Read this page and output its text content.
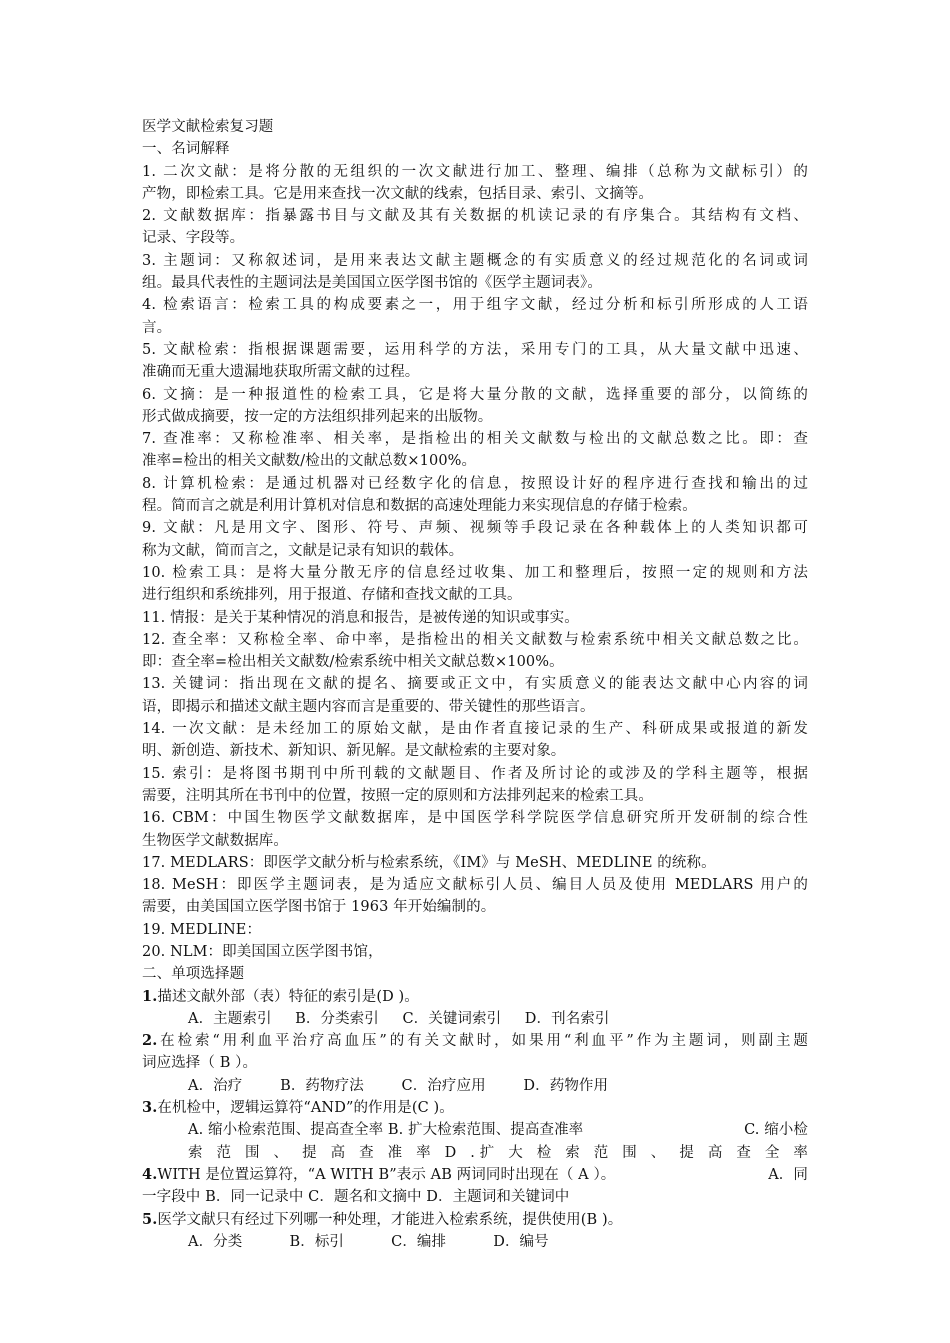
医学文献检索复习题
一、名词解释
1. 二次文献：是将分散的无组织的一次文献进行加工、整理、编排（总称为文献标引）的
产物，即检索工具。它是用来查找一次文献的线索，包括目录、索引、文摘等。
2. 文献数据库：指暴露书目与文献及其有关数据的机读记录的有序集合。其结构有文档、
记录、字段等。
3. 主题词：又称叙述词，是用来表达文献主题概念的有实质意义的经过规范化的名词或词
组。最具代表性的主题词法是美国国立医学图书馆的《医学主题词表》。
4. 检索语言：检索工具的构成要素之一，用于组字文献，经过分析和标引所形成的人工语
言。
5. 文献检索：指根据课题需要，运用科学的方法，采用专门的工具，从大量文献中迅速、
准确而无重大遗漏地获取所需文献的过程。
6. 文摘：是一种报道性的检索工具，它是将大量分散的文献，选择重要的部分，以简练的
形式做成摘要，按一定的方法组织排列起来的出版物。
7. 查准率：又称检准率、相关率，是指检出的相关文献数与检出的文献总数之比。即：查
准率=检出的相关文献数/检出的文献总数×100%。
8. 计算机检索：是通过机器对已经数字化的信息，按照设计好的程序进行查找和输出的过
程。简而言之就是利用计算机对信息和数据的高速处理能力来实现信息的存储于检索。
9. 文献：凡是用文字、图形、符号、声频、视频等手段记录在各种载体上的人类知识都可
称为文献，简而言之，文献是记录有知识的载体。
10. 检索工具：是将大量分散无序的信息经过收集、加工和整理后，按照一定的规则和方法
进行组织和系统排列，用于报道、存储和查找文献的工具。
11. 情报：是关于某种情况的消息和报告，是被传递的知识或事实。
12. 查全率：又称检全率、命中率，是指检出的相关文献数与检索系统中相关文献总数之比。
即：查全率=检出相关文献数/检索系统中相关文献总数×100%。
13. 关键词：指出现在文献的提名、摘要或正文中，有实质意义的能表达文献中心内容的词
语，即揭示和描述文献主题内容而言是重要的、带关键性的那些语言。
14. 一次文献：是未经加工的原始文献，是由作者直接记录的生产、科研成果或报道的新发
明、新创造、新技术、新知识、新见解。是文献检索的主要对象。
15. 索引：是将图书期刊中所刊载的文献题目、作者及所讨论的或涉及的学科主题等，根据
需要，注明其所在书刊中的位置，按照一定的原则和方法排列起来的检索工具。
16. CBM：中国生物医学文献数据库，是中国医学科学院医学信息研究所开发研制的综合性
生物医学文献数据库。
17. MEDLARS：即医学文献分析与检索系统，《IM》与 MeSH、MEDLINE 的统称。
18. MeSH：即医学主题词表，是为适应文献标引人员、编目人员及使用 MEDLARS 用户的
需要，由美国国立医学图书馆于 1963 年开始编制的。
19. MEDLINE：
20. NLM：即美国国立医学图书馆，
二、单项选择题
1.描述文献外部（表）特征的索引是(D )。
A．主题索引 B．分类索引 C．关键词索引 D．刊名索引
2.在检索“用利血平治疗高血压”的有关文献时，如果用“利血平”作为主题词，则副主题
词应选择（ B ）。
A．治疗	B．药物疗法	C．治疗应用	D．药物作用
3.在机检中，逻辑运算符“AND”的作用是(C )。
A. 缩小检索范围、提高查全率 B. 扩大检索范围、提高查准率	C. 缩小检
索 范 围 、 提 高 查 准 率 D . 扩 大 检 索 范 围 、 提 高 查 全 率
4.WITH 是位置运算符，“A WITH B”表示 AB 两词同时出现在（ A ）。	A．同
一字段中 B．同一记录中 C．题名和文摘中 D．主题词和关键词中
5.医学文献只有经过下列哪一种处理，才能进入检索系统，提供使用(B )。
A．分类	B．标引	C．编排	D．编号
